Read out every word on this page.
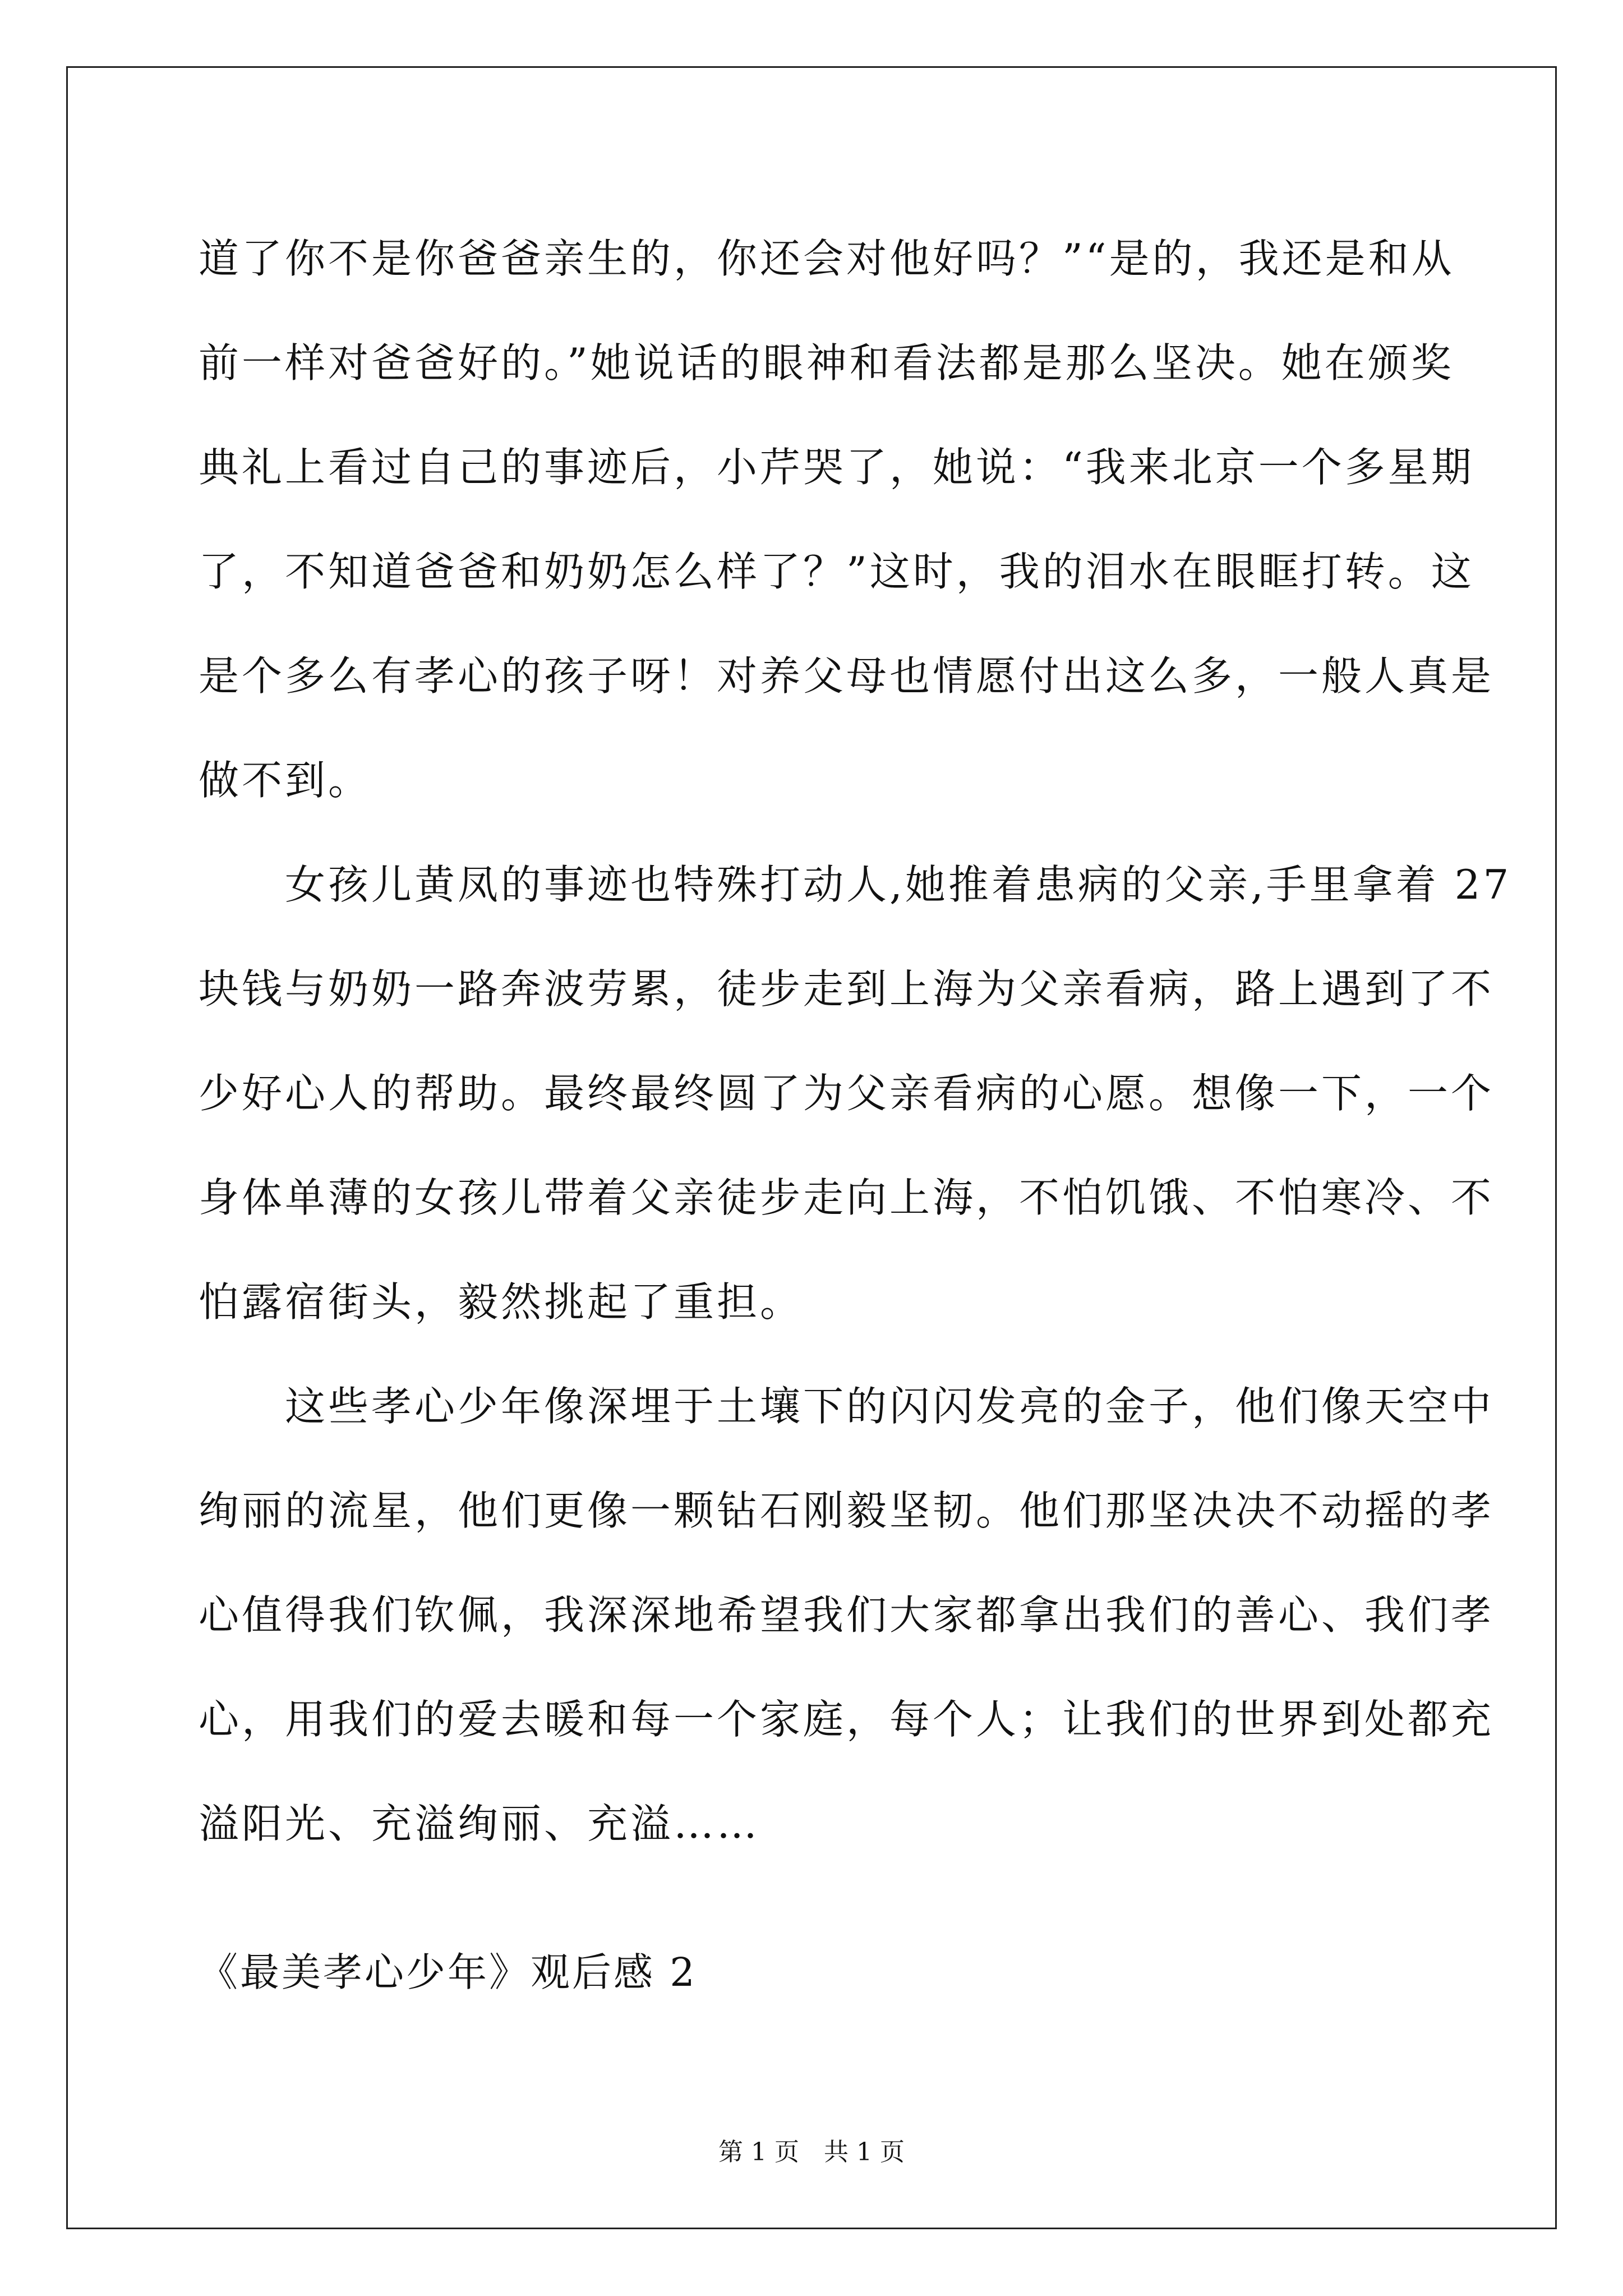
道了你不是你爸爸亲生的，你还会对他好吗？”“是的，我还是和从
前一样对爸爸好的。”她说话的眼神和看法都是那么坚决。她在颁奖
典礼上看过自己的事迹后，小芹哭了，她说：“我来北京一个多星期
了，不知道爸爸和奶奶怎么样了？”这时，我的泪水在眼眶打转。这
是个多么有孝心的孩子呀！对养父母也情愿付出这么多，一般人真是
做不到。
　　女孩儿黄凤的事迹也特殊打动人,她推着患病的父亲,手里拿着 27
块钱与奶奶一路奔波劳累，徒步走到上海为父亲看病，路上遇到了不
少好心人的帮助。最终最终圆了为父亲看病的心愿。想像一下，一个
身体单薄的女孩儿带着父亲徒步走向上海，不怕饥饿、不怕寒冷、不
怕露宿街头，毅然挑起了重担。
　　这些孝心少年像深埋于土壤下的闪闪发亮的金子，他们像天空中
绚丽的流星，他们更像一颗钻石刚毅坚韧。他们那坚决决不动摇的孝
心值得我们钦佩，我深深地希望我们大家都拿出我们的善心、我们孝
心，用我们的爱去暖和每一个家庭，每个人；让我们的世界到处都充
溢阳光、充溢绚丽、充溢……
《最美孝心少年》观后感 2
第 1 页　共 1 页
